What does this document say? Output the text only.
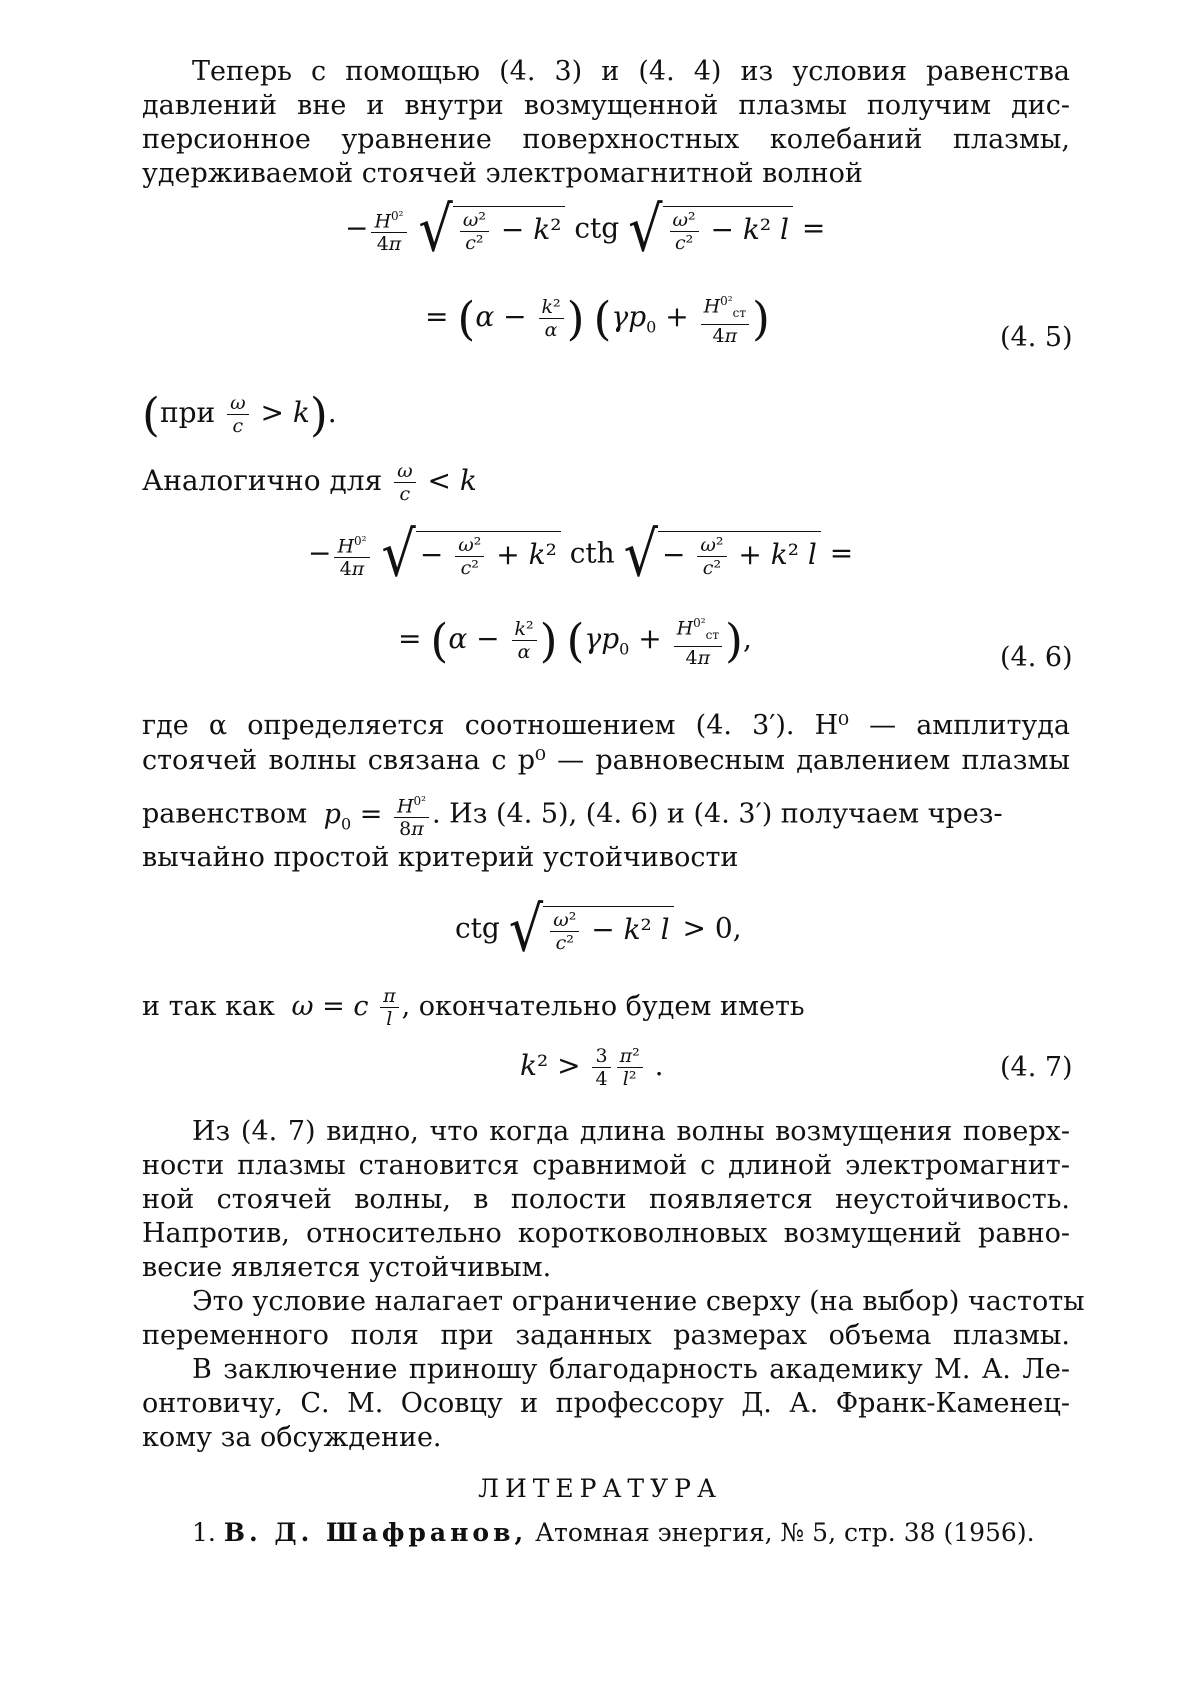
Теперь с помощью (4. 3) и (4. 4) из условия равенства
давлений вне и внутри возмущенной плазмы получим дис-
персионное уравнение поверхностных колебаний плазмы,
удерживаемой стоячей электромагнитной волной
− $\frac{H^{0^2}}{4\pi}$ √ $\frac{\text{ω²}}{\text{c²}} - k^2$ ctg √ $\frac{\text{ω²}}{\text{c²}} - k^2$ l =
= ($\alpha - \frac{\text{k²}}{\alpha}$ ) ($\gamma p_0 + \frac{H^{0^2}_{ст}}{4\pi}$ )	(4. 5)
$(при \frac{\omega}{c} > k)$.
Аналогично для $\frac{\omega}{c} < k$
− $\frac{H^{0^2}}{4\pi}$ √ − $\frac{\text{ω²}}{\text{c²}} + k^2$ cth √ − $\frac{\text{ω²}}{\text{c²}} + k^2$ l =
= ($\alpha - \frac{\text{k²}}{\alpha}$ ) ($\gamma p_0 + \frac{H^{0^2}_{ст}}{4\pi}$ ),
(4. 6)
где α определяется соотношением (4. 3′). H⁰ — амплитуда
стоячей волны связана с p⁰ — равновесным давлением плазмы
равенством $p_0 = \frac{H^{0^2}}{8\pi}$ . Из (4. 5), (4. 6) и (4. 3′) получаем чрез-
вычайно простой критерий устойчивости
ctg √ $\frac{\text{ω²}}{\text{c²}} - k^2$ l > 0,
и так как ω = c $\frac{\pi}{l}$ , окончательно будем иметь
$k^2 > \frac{3}{4} \frac{\text{π²}}{\text{l²}}$ .	(4. 7)
Из (4. 7) видно, что когда длина волны возмущения поверх-
ности плазмы становится сравнимой с длиной электромагнит-
ной стоячей волны, в полости появляется неустойчивость.
Напротив, относительно коротковолновых возмущений равно-
весие является устойчивым.
Это условие налагает ограничение сверху (на выбор) частоты
переменного поля при заданных размерах объема плазмы.
В заключение приношу благодарность академику М. А. Ле-
онтовичу, С. М. Осовцу и профессору Д. А. Франк-Каменец-
кому за обсуждение.
ЛИТЕРАТУРА
1. В. Д. Шафранов, Атомная энергия, № 5, стр. 38 (1956).
